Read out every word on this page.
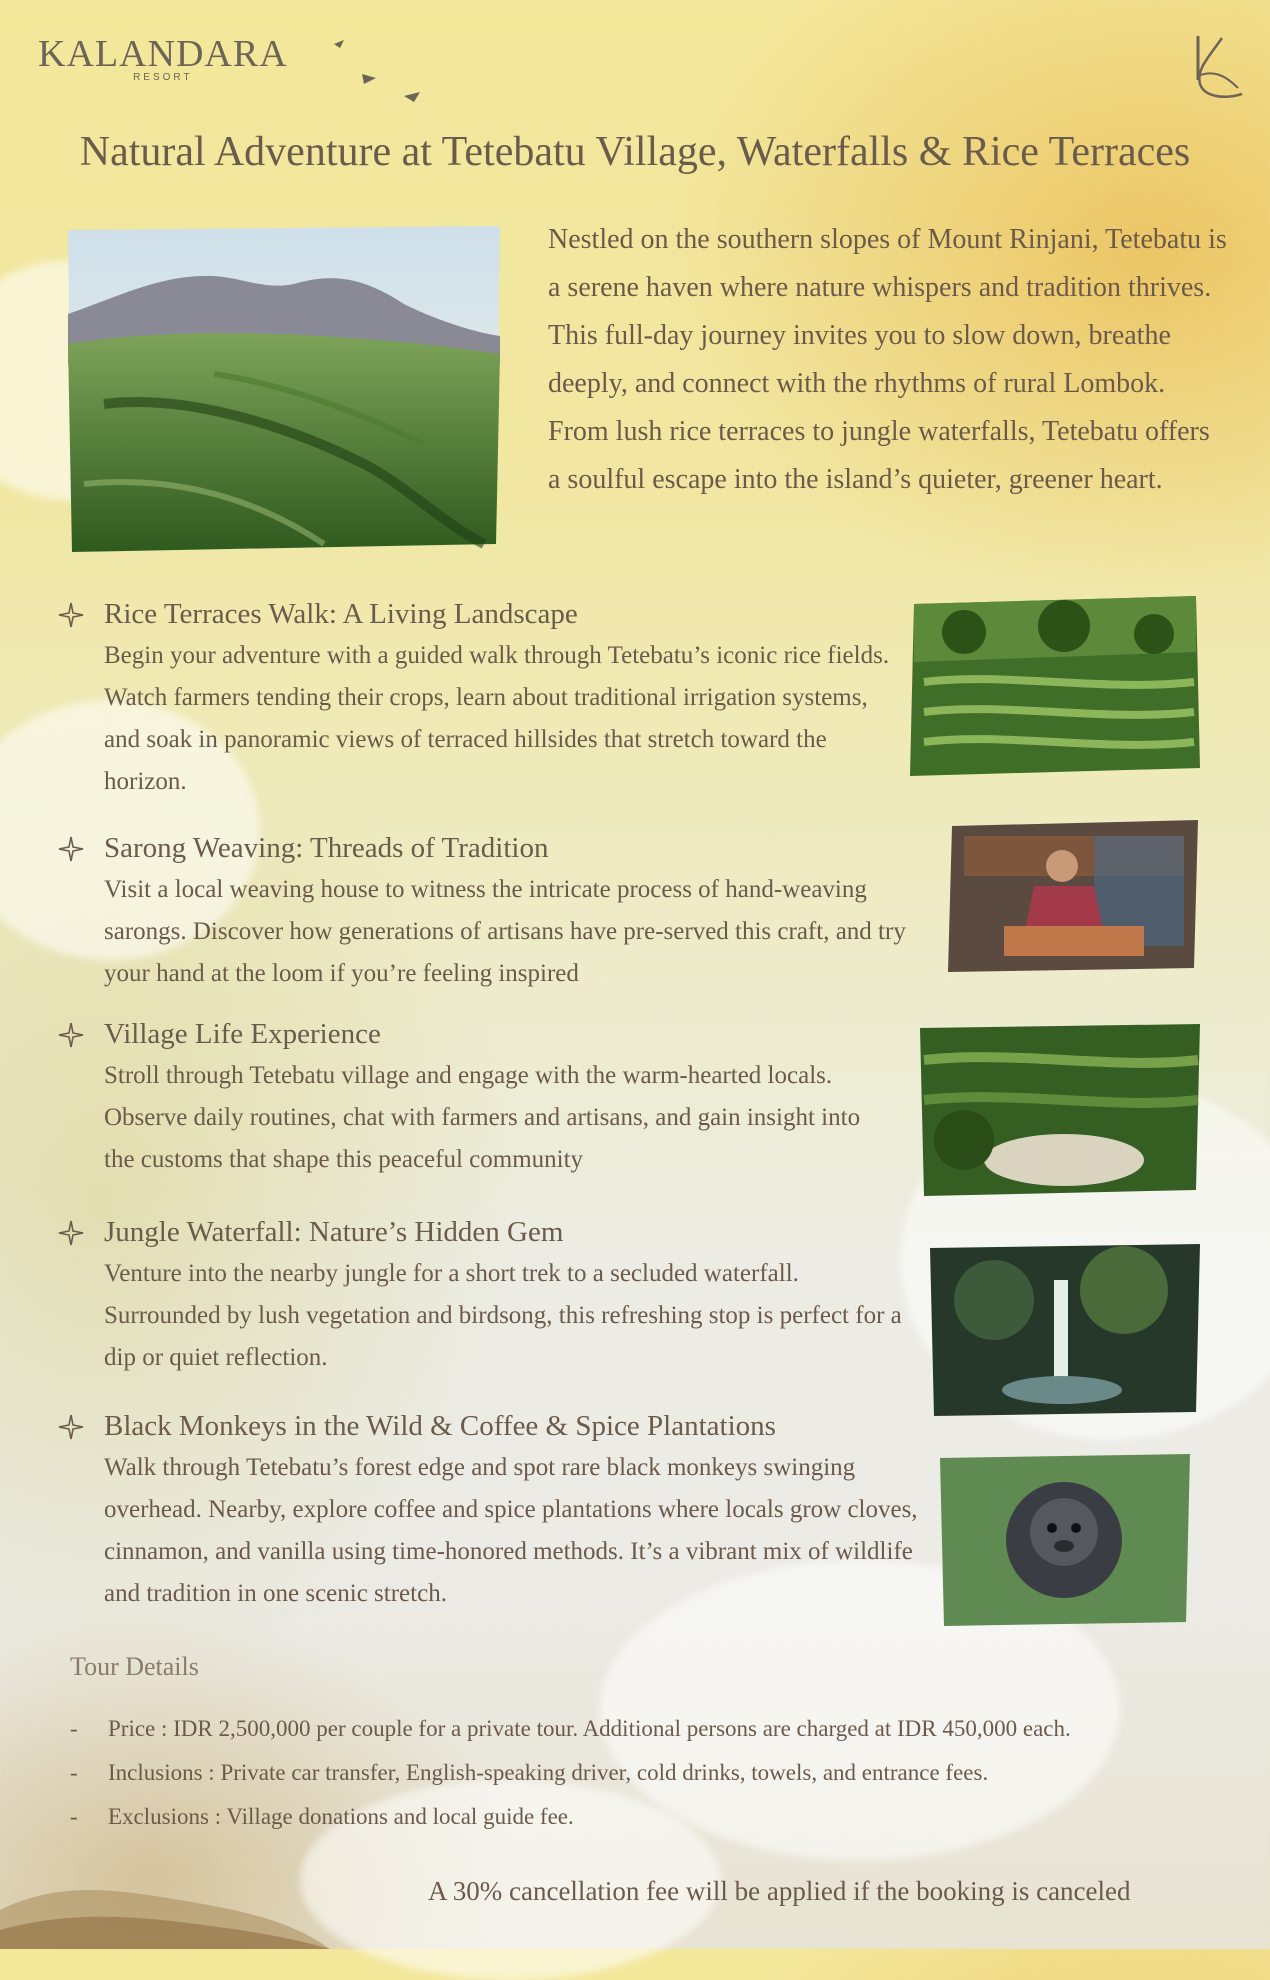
KALANDARA
RESORT
Natural Adventure at Tetebatu Village, Waterfalls & Rice Terraces
Nestled on the southern slopes of Mount Rinjani, Tetebatu is a serene haven where nature whispers and tradition thrives. This full-day journey invites you to slow down, breathe deeply, and connect with the rhythms of rural Lombok. From lush rice terraces to jungle waterfalls, Tetebatu offers a soulful escape into the island’s quieter, greener heart.
Rice Terraces Walk: A Living Landscape
Begin your adventure with a guided walk through Tetebatu’s iconic rice fields. Watch farmers tending their crops, learn about traditional irrigation systems, and soak in panoramic views of terraced hillsides that stretch toward the horizon.
Sarong Weaving: Threads of Tradition
Visit a local weaving house to witness the intricate process of hand-weaving sarongs. Discover how generations of artisans have pre-served this craft, and try your hand at the loom if you’re feeling inspired
Village Life Experience
Stroll through Tetebatu village and engage with the warm-hearted locals. Observe daily routines, chat with farmers and artisans, and gain insight into the customs that shape this peaceful community
Jungle Waterfall: Nature’s Hidden Gem
Venture into the nearby jungle for a short trek to a secluded waterfall. Surrounded by lush vegetation and birdsong, this refreshing stop is perfect for a dip or quiet reflection.
Black Monkeys in the Wild & Coffee & Spice Plantations
Walk through Tetebatu’s forest edge and spot rare black monkeys swinging overhead. Nearby, explore coffee and spice plantations where locals grow cloves, cinnamon, and vanilla using time-honored methods. It’s a vibrant mix of wildlife and tradition in one scenic stretch.
Tour Details
- Price : IDR 2,500,000 per couple for a private tour. Additional persons are charged at IDR 450,000 each.
- Inclusions : Private car transfer, English-speaking driver, cold drinks, towels, and entrance fees.
- Exclusions : Village donations and local guide fee.
A 30% cancellation fee will be applied if the booking is canceled
